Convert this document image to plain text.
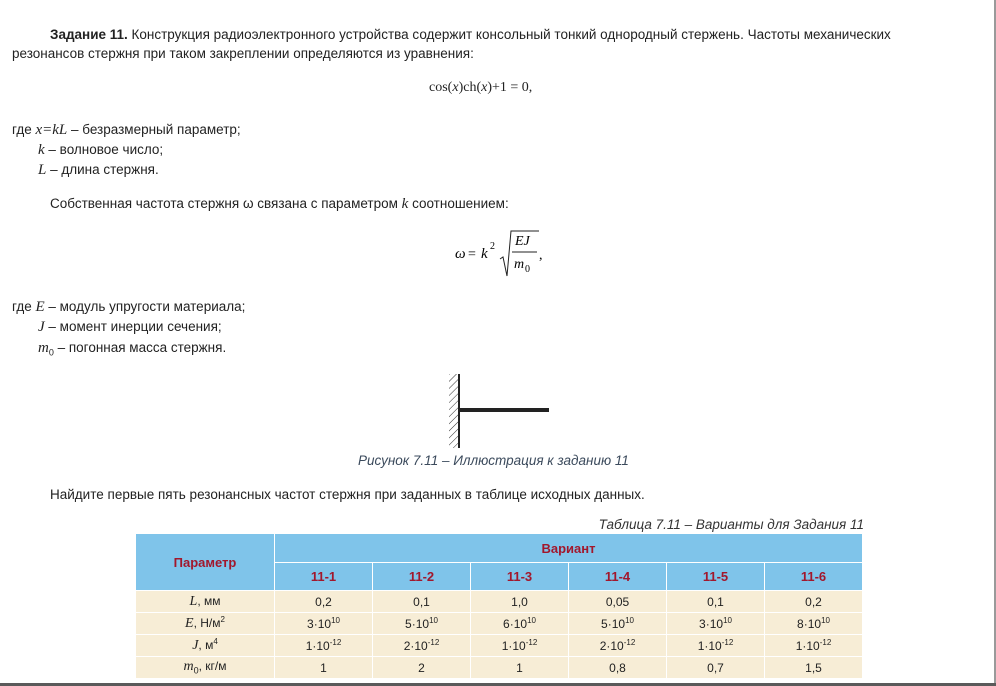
Задание 11. Конструкция радиоэлектронного устройства содержит консольный тонкий однородный стержень. Частоты механических
резонансов стержня при таком закреплении определяются из уравнения:
cos(x)ch(x)+1 = 0,
где x=kL – безразмерный параметр;
k – волновое число;
L – длина стержня.
Собственная частота стержня ω связана с параметром k соотношением:
ω = k 2 EJ
m 0
,
где E – модуль упругости материала;
J – момент инерции сечения;
$m_0$ – погонная масса стержня.
Рисунок 7.11 – Иллюстрация к заданию 11
Найдите первые пять резонансных частот стержня при заданных в таблице исходных данных.
Таблица 7.11 – Варианты для Задания 11
Параметр	Вариант					
	11-1	11-2	11-3	11-4	11-5	11-6
L, мм	0,2	0,1	1,0	0,05	0,1	0,2
E, $Н/м^2$	$3\cdot 10^{10}$	$5\cdot 10^{10}$	$6\cdot 10^{10}$	$5\cdot 10^{10}$	$3\cdot 10^{10}$	$8\cdot 10^{10}$
J, $м^4$	$1\cdot 10^{-12}$	$2\cdot 10^{-12}$	$1\cdot 10^{-12}$	$2\cdot 10^{-12}$	$1\cdot 10^{-12}$	$1\cdot 10^{-12}$
$m_0$, кг/м	1	2	1	0,8	0,7	1,5
